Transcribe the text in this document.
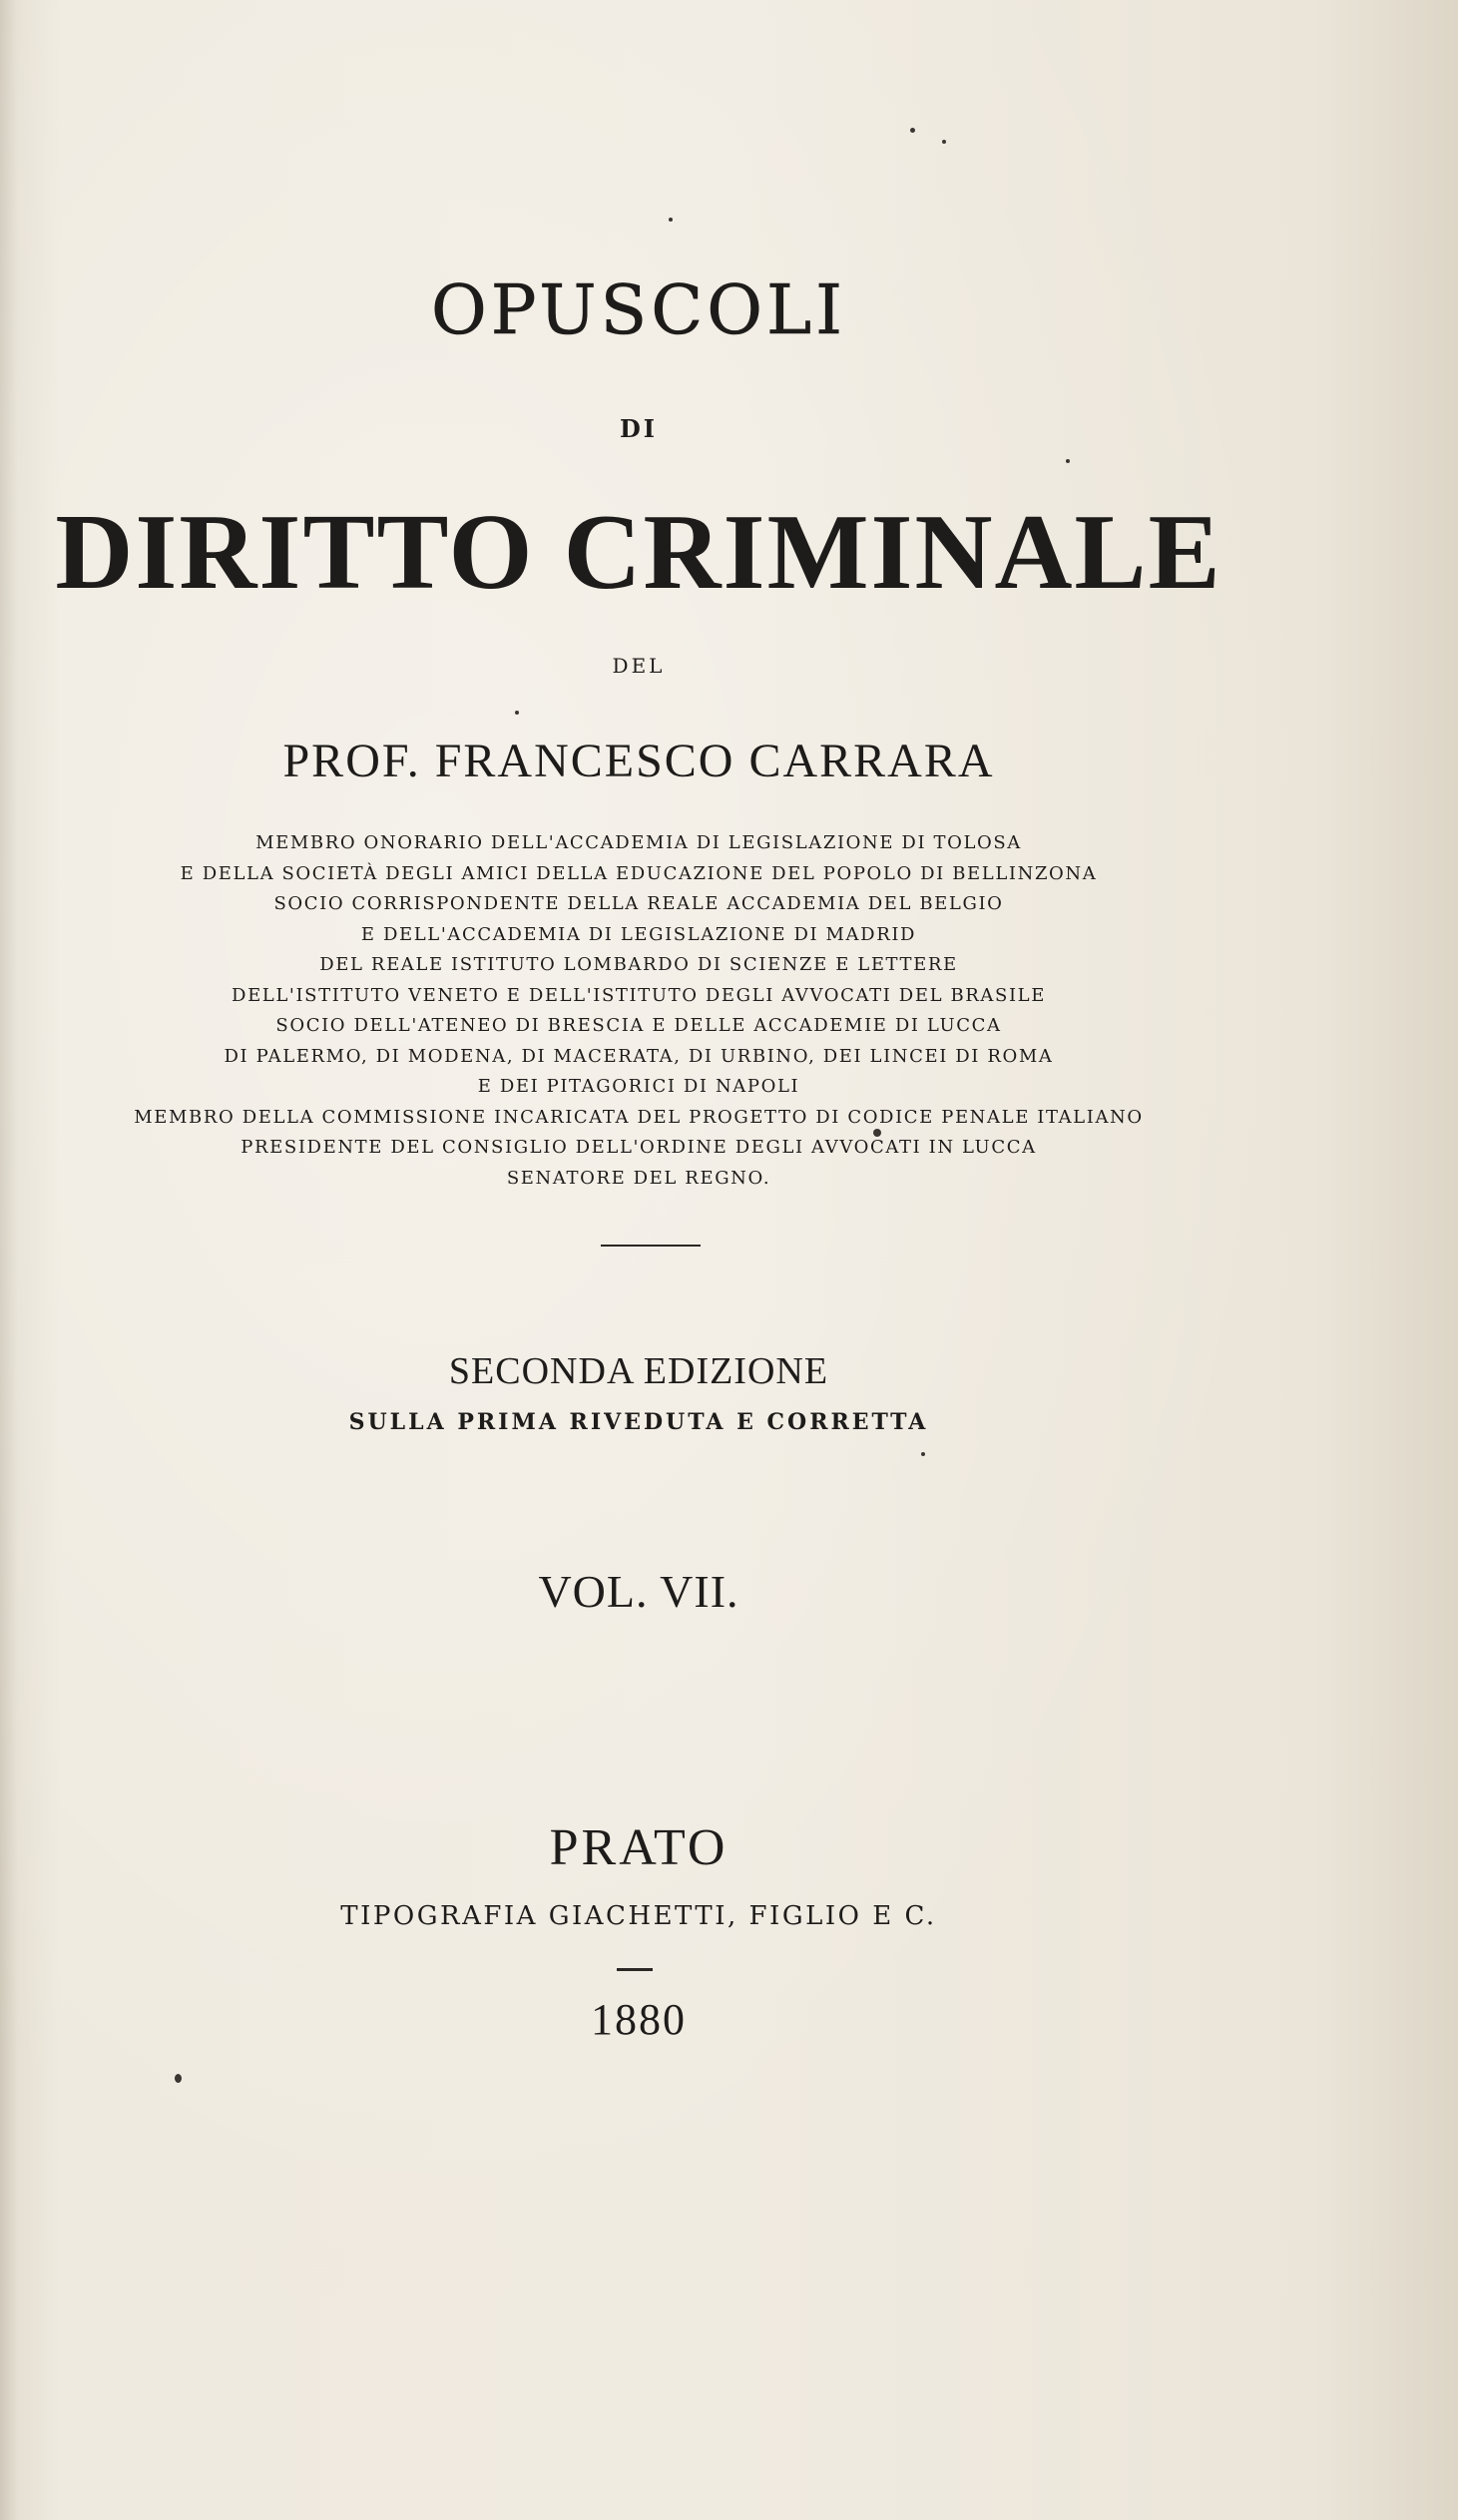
OPUSCOLI
DI
DIRITTO CRIMINALE
DEL
PROF. FRANCESCO CARRARA
MEMBRO ONORARIO DELL'ACCADEMIA DI LEGISLAZIONE DI TOLOSA
E DELLA SOCIETÀ DEGLI AMICI DELLA EDUCAZIONE DEL POPOLO DI BELLINZONA
SOCIO CORRISPONDENTE DELLA REALE ACCADEMIA DEL BELGIO
E DELL'ACCADEMIA DI LEGISLAZIONE DI MADRID
DEL REALE ISTITUTO LOMBARDO DI SCIENZE E LETTERE
DELL'ISTITUTO VENETO E DELL'ISTITUTO DEGLI AVVOCATI DEL BRASILE
SOCIO DELL'ATENEO DI BRESCIA E DELLE ACCADEMIE DI LUCCA
DI PALERMO, DI MODENA, DI MACERATA, DI URBINO, DEI LINCEI DI ROMA
E DEI PITAGORICI DI NAPOLI
MEMBRO DELLA COMMISSIONE INCARICATA DEL PROGETTO DI CODICE PENALE ITALIANO
PRESIDENTE DEL CONSIGLIO DELL'ORDINE DEGLI AVVOCATI IN LUCCA
SENATORE DEL REGNO.
SECONDA EDIZIONE
SULLA PRIMA RIVEDUTA E CORRETTA
VOL. VII.
PRATO
TIPOGRAFIA GIACHETTI, FIGLIO E C.
1880
